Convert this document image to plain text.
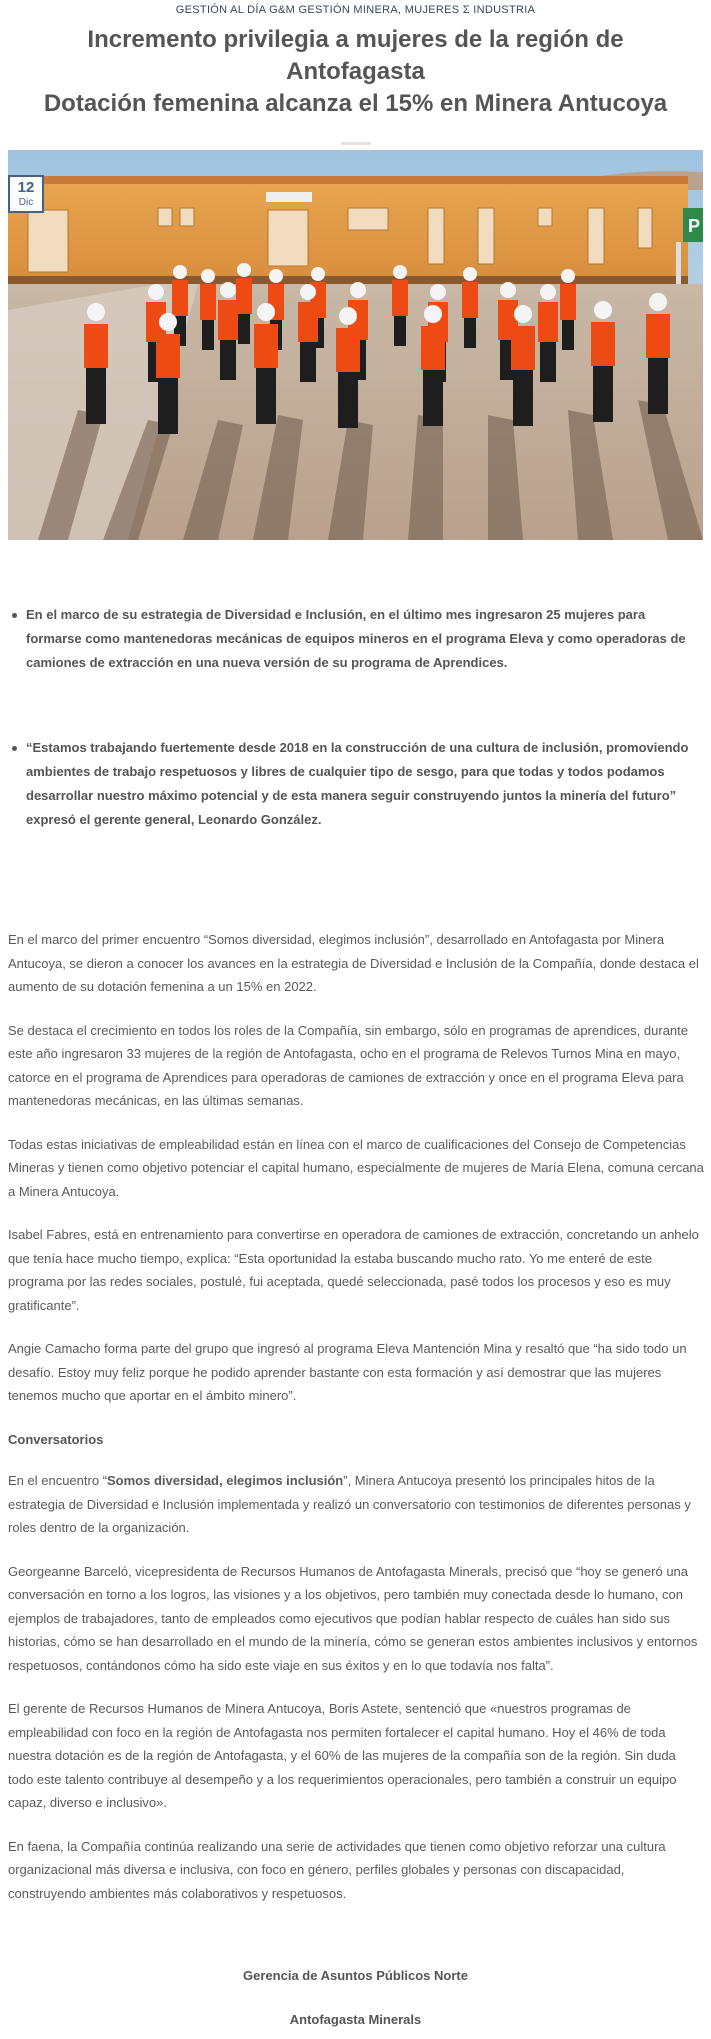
GESTIÓN AL DÍA G&M GESTIÓN MINERA, MUJERES Σ INDUSTRIA
Incremento privilegia a mujeres de la región de Antofagasta
Dotación femenina alcanza el 15% en Minera Antucoya
P
12
Dic
En el marco de su estrategia de Diversidad e Inclusión, en el último mes ingresaron 25 mujeres para formarse como mantenedoras mecánicas de equipos mineros en el programa Eleva y como operadoras de camiones de extracción en una nueva versión de su programa de Aprendices.
“Estamos trabajando fuertemente desde 2018 en la construcción de una cultura de inclusión, promoviendo ambientes de trabajo respetuosos y libres de cualquier tipo de sesgo, para que todas y todos podamos desarrollar nuestro máximo potencial y de esta manera seguir construyendo juntos la minería del futuro” expresó el gerente general, Leonardo González.

En el marco del primer encuentro “Somos diversidad, elegimos inclusión”, desarrollado en Antofagasta por Minera Antucoya, se dieron a conocer los avances en la estrategia de Diversidad e Inclusión de la Compañía, donde destaca el aumento de su dotación femenina a un 15% en 2022.

Se destaca el crecimiento en todos los roles de la Compañía, sin embargo, sólo en programas de aprendices, durante este año ingresaron 33 mujeres de la región de Antofagasta, ocho en el programa de Relevos Turnos Mina en mayo, catorce en el programa de Aprendices para operadoras de camiones de extracción y once en el programa Eleva para mantenedoras mecánicas, en las últimas semanas.

Todas estas iniciativas de empleabilidad están en línea con el marco de cualificaciones del Consejo de Competencias Mineras y tienen como objetivo potenciar el capital humano, especialmente de mujeres de María Elena, comuna cercana a Minera Antucoya.

Isabel Fabres, está en entrenamiento para convertirse en operadora de camiones de extracción, concretando un anhelo que tenía hace mucho tiempo, explica: “Esta oportunidad la estaba buscando mucho rato. Yo me enteré de este programa por las redes sociales, postulé, fui aceptada, quedé seleccionada, pasé todos los procesos y eso es muy gratificante”.

Angie Camacho forma parte del grupo que ingresó al programa Eleva Mantención Mina y resaltó que “ha sido todo un desafío. Estoy muy feliz porque he podido aprender bastante con esta formación y así demostrar que las mujeres tenemos mucho que aportar en el ámbito minero”.

Conversatorios

En el encuentro “Somos diversidad, elegimos inclusión”, Minera Antucoya presentó los principales hitos de la estrategia de Diversidad e Inclusión implementada y realizó un conversatorio con testimonios de diferentes personas y roles dentro de la organización.

Georgeanne Barceló, vicepresidenta de Recursos Humanos de Antofagasta Minerals, precisó que “hoy se generó una conversación en torno a los logros, las visiones y a los objetivos, pero también muy conectada desde lo humano, con ejemplos de trabajadores, tanto de empleados como ejecutivos que podían hablar respecto de cuáles han sido sus historias, cómo se han desarrollado en el mundo de la minería, cómo se generan estos ambientes inclusivos y entornos respetuosos, contándonos cómo ha sido este viaje en sus éxitos y en lo que todavía nos falta”.

El gerente de Recursos Humanos de Minera Antucoya, Boris Astete, sentenció que «nuestros programas de empleabilidad con foco en la región de Antofagasta nos permiten fortalecer el capital humano. Hoy el 46% de toda nuestra dotación es de la región de Antofagasta, y el 60% de las mujeres de la compañía son de la región. Sin duda todo este talento contribuye al desempeño y a los requerimientos operacionales, pero también a construir un equipo capaz, diverso e inclusivo».

En faena, la Compañía continúa realizando una serie de actividades que tienen como objetivo reforzar una cultura organizacional más diversa e inclusiva, con foco en género, perfiles globales y personas con discapacidad, construyendo ambientes más colaborativos y respetuosos.

Gerencia de Asuntos Públicos Norte
Antofagasta Minerals
